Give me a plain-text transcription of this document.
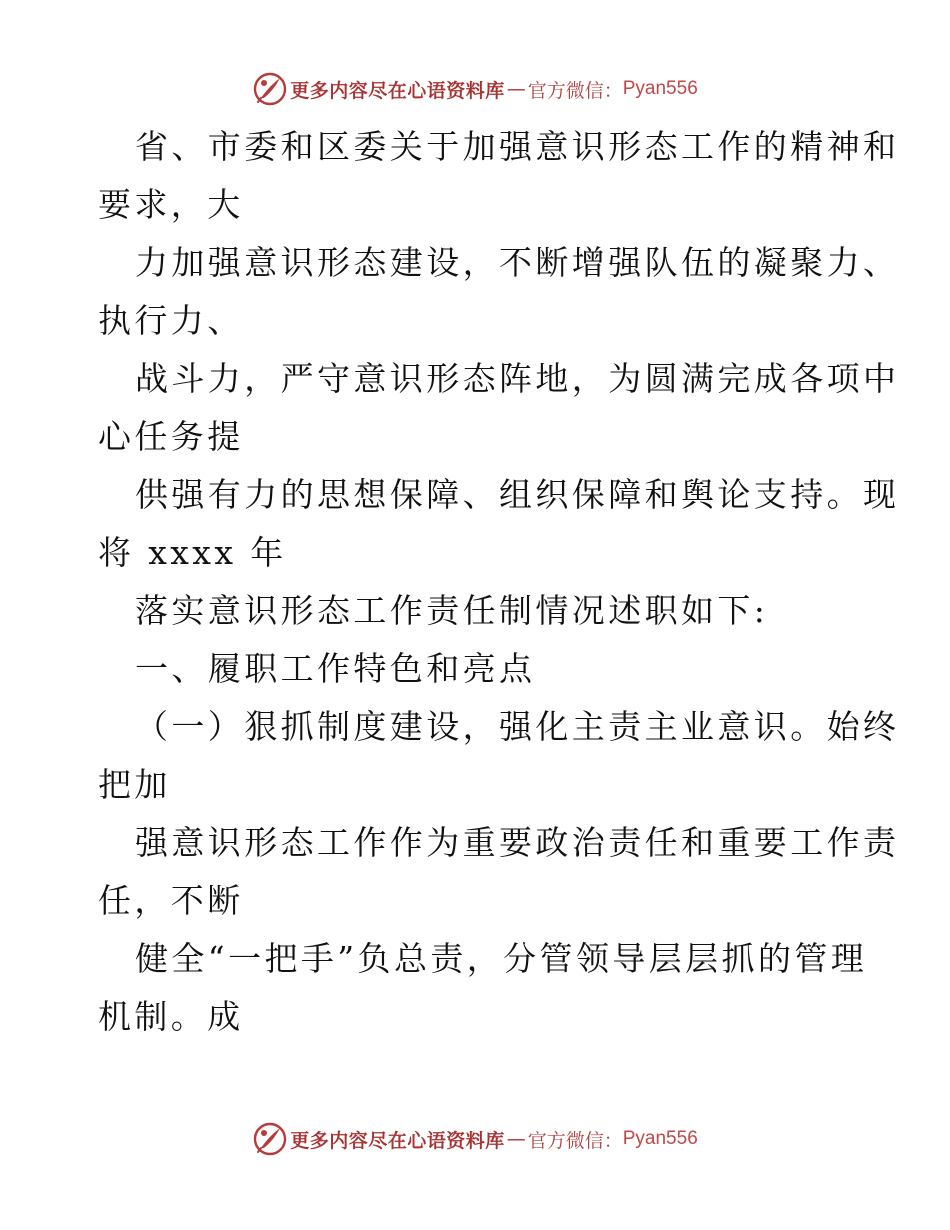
更多内容尽在心语资料库 — 官方微信： Pyan556
省、市委和区委关于加强意识形态工作的精神和
要求，大
力加强意识形态建设，不断增强队伍的凝聚力、
执行力、
战斗力，严守意识形态阵地，为圆满完成各项中
心任务提
供强有力的思想保障、组织保障和舆论支持。现
将 xxxx 年
落实意识形态工作责任制情况述职如下:
一、履职工作特色和亮点
（一）狠抓制度建设，强化主责主业意识。始终
把加
强意识形态工作作为重要政治责任和重要工作责
任，不断
健全“一把手”负总责，分管领导层层抓的管理
机制。成
更多内容尽在心语资料库 — 官方微信： Pyan556
